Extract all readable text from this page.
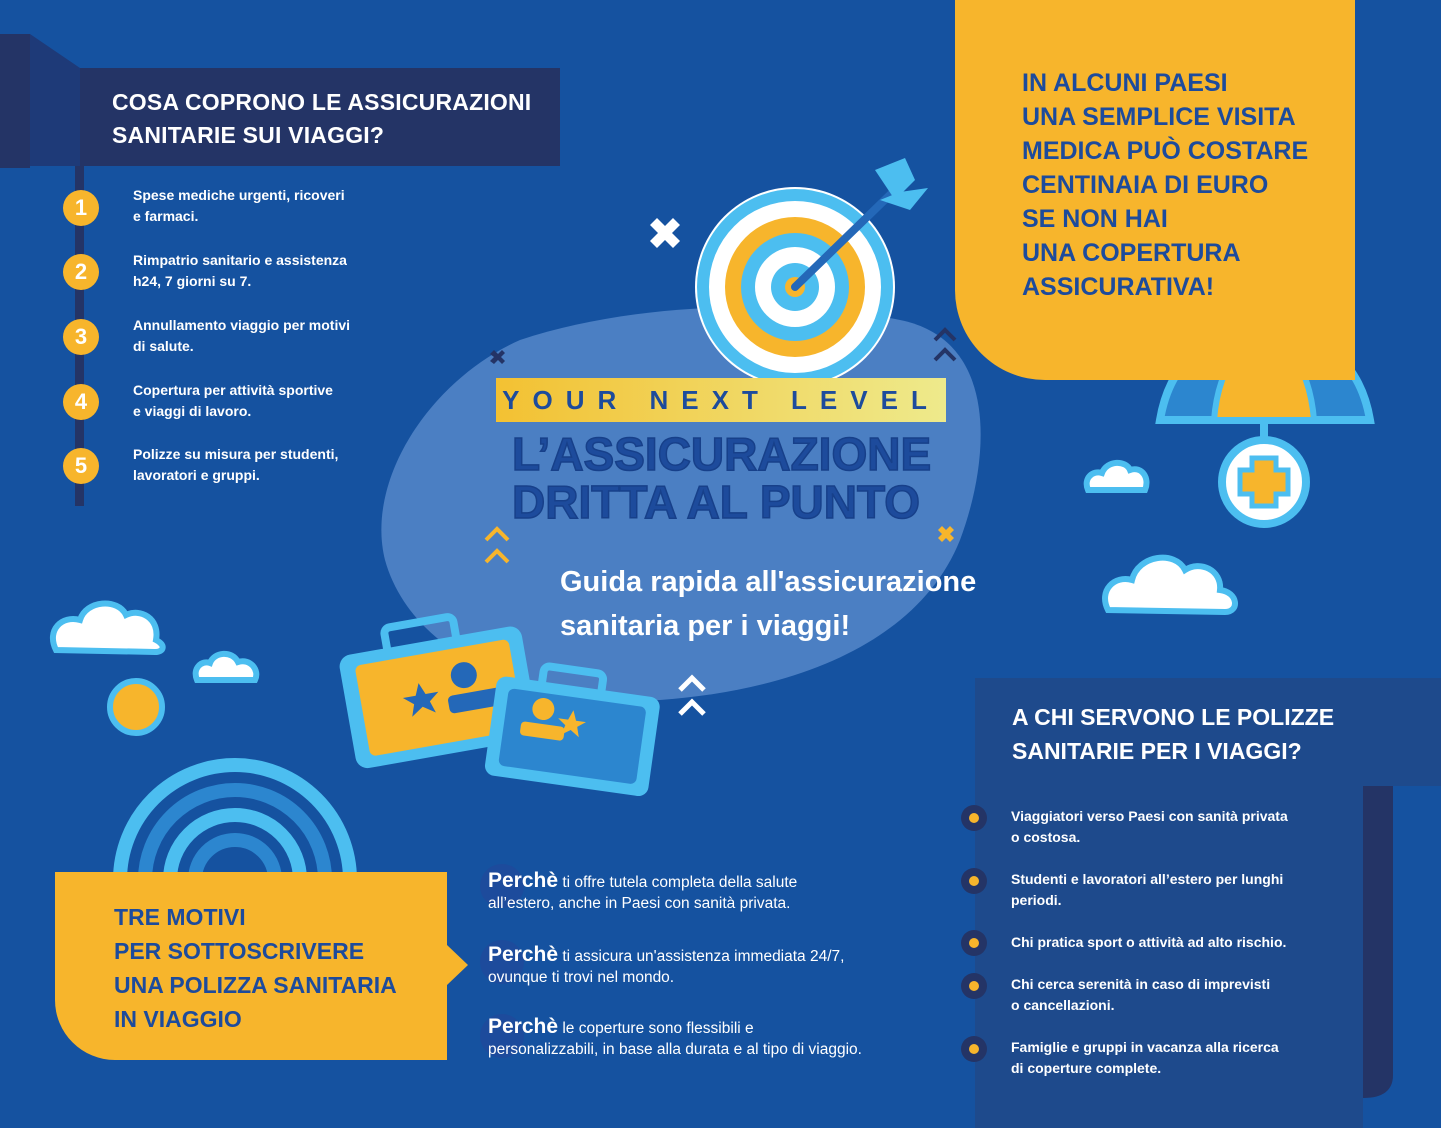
COSA COPRONO LE ASSICURAZIONI
SANITARIE SUI VIAGGI?
1	Spese mediche urgenti, ricoveri
e farmaci.
2	Rimpatrio sanitario e assistenza
h24, 7 giorni su 7.
3	Annullamento viaggio per motivi
di salute.
4	Copertura per attività sportive
e viaggi di lavoro.
5	Polizze su misura per studenti,
lavoratori e gruppi.
IN ALCUNI PAESI
UNA SEMPLICE VISITA
MEDICA PUÒ COSTARE
CENTINAIA DI EURO
SE NON HAI
UNA COPERTURA
ASSICURATIVA!
YOUR NEXT LEVEL
L’ASSICURAZIONE
DRITTA AL PUNTO
Guida rapida all'assicurazione
sanitaria per i viaggi!
TRE MOTIVI
PER SOTTOSCRIVERE
UNA POLIZZA SANITARIA
IN VIAGGIO
Perchè ti offre tutela completa della salute
all’estero, anche in Paesi con sanità privata.
Perchè ti assicura un'assistenza immediata 24/7,
ovunque ti trovi nel mondo.
Perchè le coperture sono flessibili e
personalizzabili, in base alla durata e al tipo di viaggio.
A CHI SERVONO LE POLIZZE
SANITARIE PER I VIAGGI?
Viaggiatori verso Paesi con sanità privata
o costosa.
Studenti e lavoratori all’estero per lunghi
periodi.
Chi pratica sport o attività ad alto rischio.
Chi cerca serenità in caso di imprevisti
o cancellazioni.
Famiglie e gruppi in vacanza alla ricerca
di coperture complete.
